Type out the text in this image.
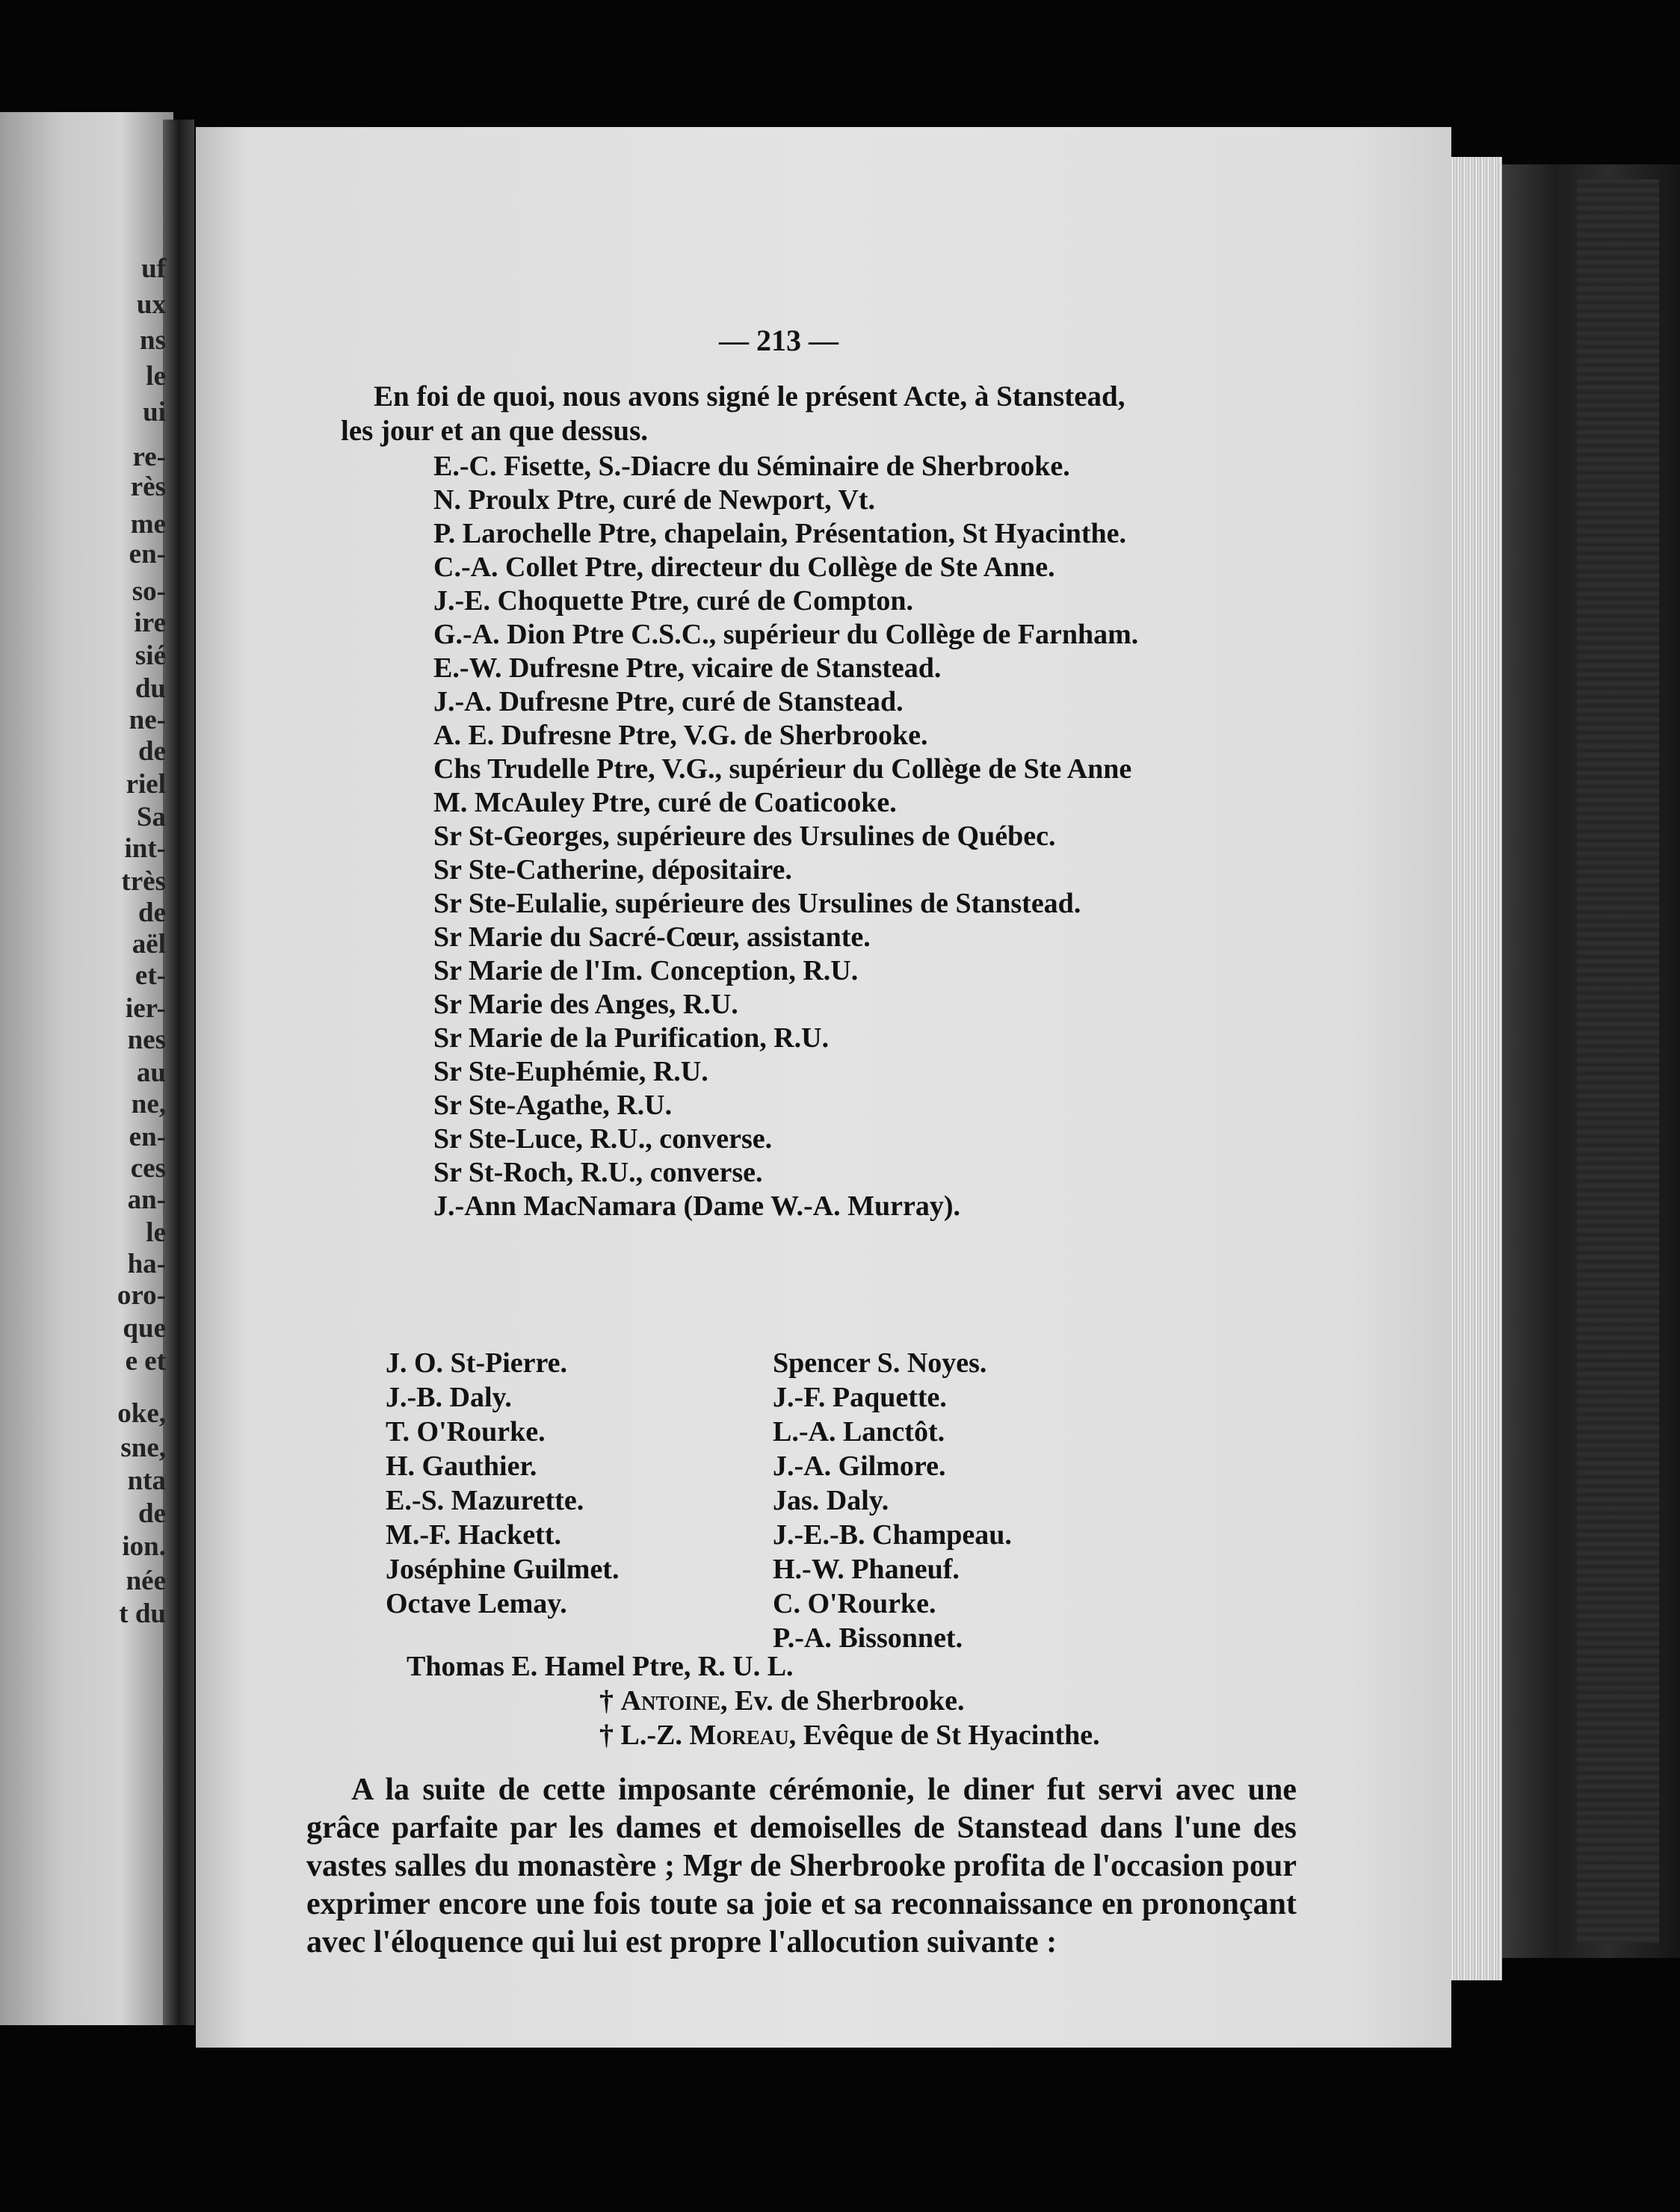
uf
ux
ns
le
ui
re-
rès
me
en-
so-
ire
sié
du
ne-
de
riel
Sa
int-
très
de
aël
et-
ier-
nes
au
ne,
en-
ces
an-
le
ha-
oro-
que
e et
oke,
sne,
nta
de
ion.
née
t du
— 213 —
En foi de quoi, nous avons signé le présent Acte, à Stanstead,
les jour et an que dessus.
E.-C. Fisette, S.-Diacre du Séminaire de Sherbrooke.
N. Proulx Ptre, curé de Newport, Vt.
P. Larochelle Ptre, chapelain, Présentation, St Hyacinthe.
C.-A. Collet Ptre, directeur du Collège de Ste Anne.
J.-E. Choquette Ptre, curé de Compton.
G.-A. Dion Ptre C.S.C., supérieur du Collège de Farnham.
E.-W. Dufresne Ptre, vicaire de Stanstead.
J.-A. Dufresne Ptre, curé de Stanstead.
A. E. Dufresne Ptre, V.G. de Sherbrooke.
Chs Trudelle Ptre, V.G., supérieur du Collège de Ste Anne
M. McAuley Ptre, curé de Coaticooke.
Sr St-Georges, supérieure des Ursulines de Québec.
Sr Ste-Catherine, dépositaire.
Sr Ste-Eulalie, supérieure des Ursulines de Stanstead.
Sr Marie du Sacré-Cœur, assistante.
Sr Marie de l'Im. Conception, R.U.
Sr Marie des Anges, R.U.
Sr Marie de la Purification, R.U.
Sr Ste-Euphémie, R.U.
Sr Ste-Agathe, R.U.
Sr Ste-Luce, R.U., converse.
Sr St-Roch, R.U., converse.
J.-Ann MacNamara (Dame W.-A. Murray).
J. O. St-Pierre.
J.-B. Daly.
T. O'Rourke.
H. Gauthier.
E.-S. Mazurette.
M.-F. Hackett.
Joséphine Guilmet.
Octave Lemay.
Spencer S. Noyes.
J.-F. Paquette.
L.-A. Lanctôt.
J.-A. Gilmore.
Jas. Daly.
J.-E.-B. Champeau.
H.-W. Phaneuf.
C. O'Rourke.
P.-A. Bissonnet.
Thomas E. Hamel Ptre, R. U. L.
† Antoine, Ev. de Sherbrooke.
† L.-Z. Moreau, Evêque de St Hyacinthe.

A la suite de cette imposante cérémonie, le diner fut servi avec une grâce parfaite par les dames et demoiselles de Stanstead dans l'une des vastes salles du monastère ; Mgr de Sherbrooke profita de l'occasion pour exprimer encore une fois toute sa joie et sa reconnaissance en prononçant avec l'éloquence qui lui est propre l'allocution suivante :
